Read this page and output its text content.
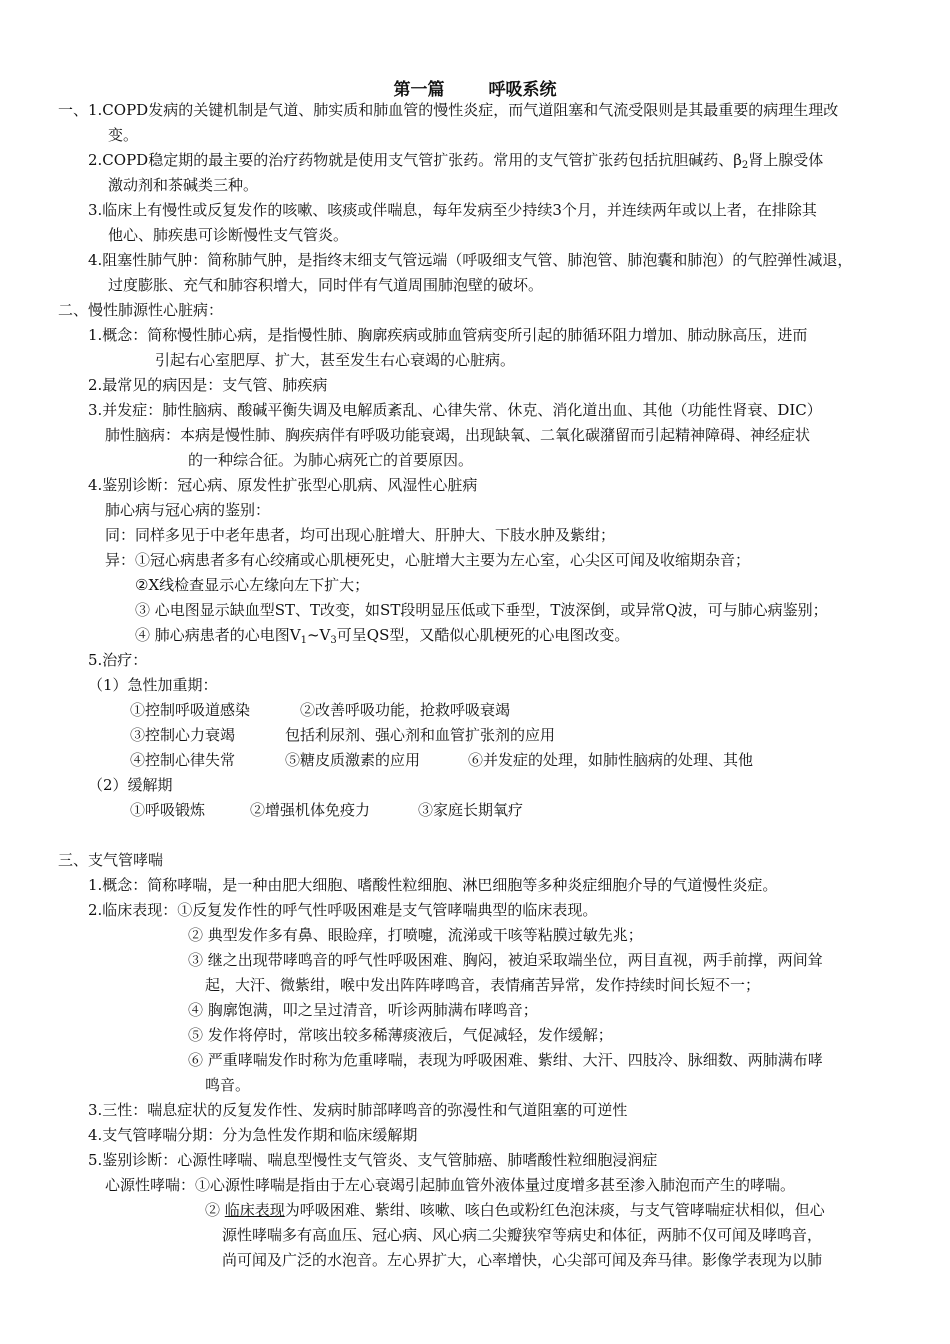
第一篇	呼吸系统
一、1.COPD发病的关键机制是气道、肺实质和肺血管的慢性炎症，而气道阻塞和气流受限则是其最重要的病理生理改
变。
2.COPD稳定期的最主要的治疗药物就是使用支气管扩张药。常用的支气管扩张药包括抗胆碱药、$\beta_2$肾上腺受体
激动剂和茶碱类三种。
3.临床上有慢性或反复发作的咳嗽、咳痰或伴喘息，每年发病至少持续3个月，并连续两年或以上者，在排除其
他心、肺疾患可诊断慢性支气管炎。
4.阻塞性肺气肿：简称肺气肿，是指终末细支气管远端（呼吸细支气管、肺泡管、肺泡囊和肺泡）的气腔弹性减退，
过度膨胀、充气和肺容积增大，同时伴有气道周围肺泡壁的破坏。
二、慢性肺源性心脏病：
1.概念：简称慢性肺心病，是指慢性肺、胸廓疾病或肺血管病变所引起的肺循环阻力增加、肺动脉高压，进而
引起右心室肥厚、扩大，甚至发生右心衰竭的心脏病。
2.最常见的病因是：支气管、肺疾病
3.并发症：肺性脑病、酸碱平衡失调及电解质紊乱、心律失常、休克、消化道出血、其他（功能性肾衰、DIC）
肺性脑病：本病是慢性肺、胸疾病伴有呼吸功能衰竭，出现缺氧、二氧化碳潴留而引起精神障碍、神经症状
的一种综合征。为肺心病死亡的首要原因。
4.鉴别诊断：冠心病、原发性扩张型心肌病、风湿性心脏病
肺心病与冠心病的鉴别：
同：同样多见于中老年患者，均可出现心脏增大、肝肿大、下肢水肿及紫绀；
异：①冠心病患者多有心绞痛或心肌梗死史，心脏增大主要为左心室，心尖区可闻及收缩期杂音；
②X线检查显示心左缘向左下扩大；
③ 心电图显示缺血型ST、T改变，如ST段明显压低或下垂型，T波深倒，或异常Q波，可与肺心病鉴别；
④ 肺心病患者的心电图$V_1\sim V_3$可呈QS型，又酷似心肌梗死的心电图改变。
5.治疗：
（1）急性加重期：
①控制呼吸道感染	②改善呼吸功能，抢救呼吸衰竭
③控制心力衰竭	包括利尿剂、强心剂和血管扩张剂的应用
④控制心律失常	⑤糖皮质激素的应用	⑥并发症的处理，如肺性脑病的处理、其他
（2）缓解期
①呼吸锻炼	②增强机体免疫力	③家庭长期氧疗
三、支气管哮喘
1.概念：简称哮喘，是一种由肥大细胞、嗜酸性粒细胞、淋巴细胞等多种炎症细胞介导的气道慢性炎症。
2.临床表现：①反复发作性的呼气性呼吸困难是支气管哮喘典型的临床表现。
② 典型发作多有鼻、眼睑痒，打喷嚏，流涕或干咳等粘膜过敏先兆；
③ 继之出现带哮鸣音的呼气性呼吸困难、胸闷，被迫采取端坐位，两目直视，两手前撑，两间耸
起，大汗、微紫绀，喉中发出阵阵哮鸣音，表情痛苦异常，发作持续时间长短不一；
④ 胸廓饱满，叩之呈过清音，听诊两肺满布哮鸣音；
⑤ 发作将停时，常咳出较多稀薄痰液后，气促减轻，发作缓解；
⑥ 严重哮喘发作时称为危重哮喘，表现为呼吸困难、紫绀、大汗、四肢冷、脉细数、两肺满布哮
鸣音。
3.三性：喘息症状的反复发作性、发病时肺部哮鸣音的弥漫性和气道阻塞的可逆性
4.支气管哮喘分期：分为急性发作期和临床缓解期
5.鉴别诊断：心源性哮喘、喘息型慢性支气管炎、支气管肺癌、肺嗜酸性粒细胞浸润症
心源性哮喘：①心源性哮喘是指由于左心衰竭引起肺血管外液体量过度增多甚至渗入肺泡而产生的哮喘。
② 临床表现为呼吸困难、紫绀、咳嗽、咳白色或粉红色泡沫痰，与支气管哮喘症状相似，但心
源性哮喘多有高血压、冠心病、风心病二尖瓣狭窄等病史和体征，两肺不仅可闻及哮鸣音，
尚可闻及广泛的水泡音。左心界扩大，心率增快，心尖部可闻及奔马律。影像学表现为以肺
